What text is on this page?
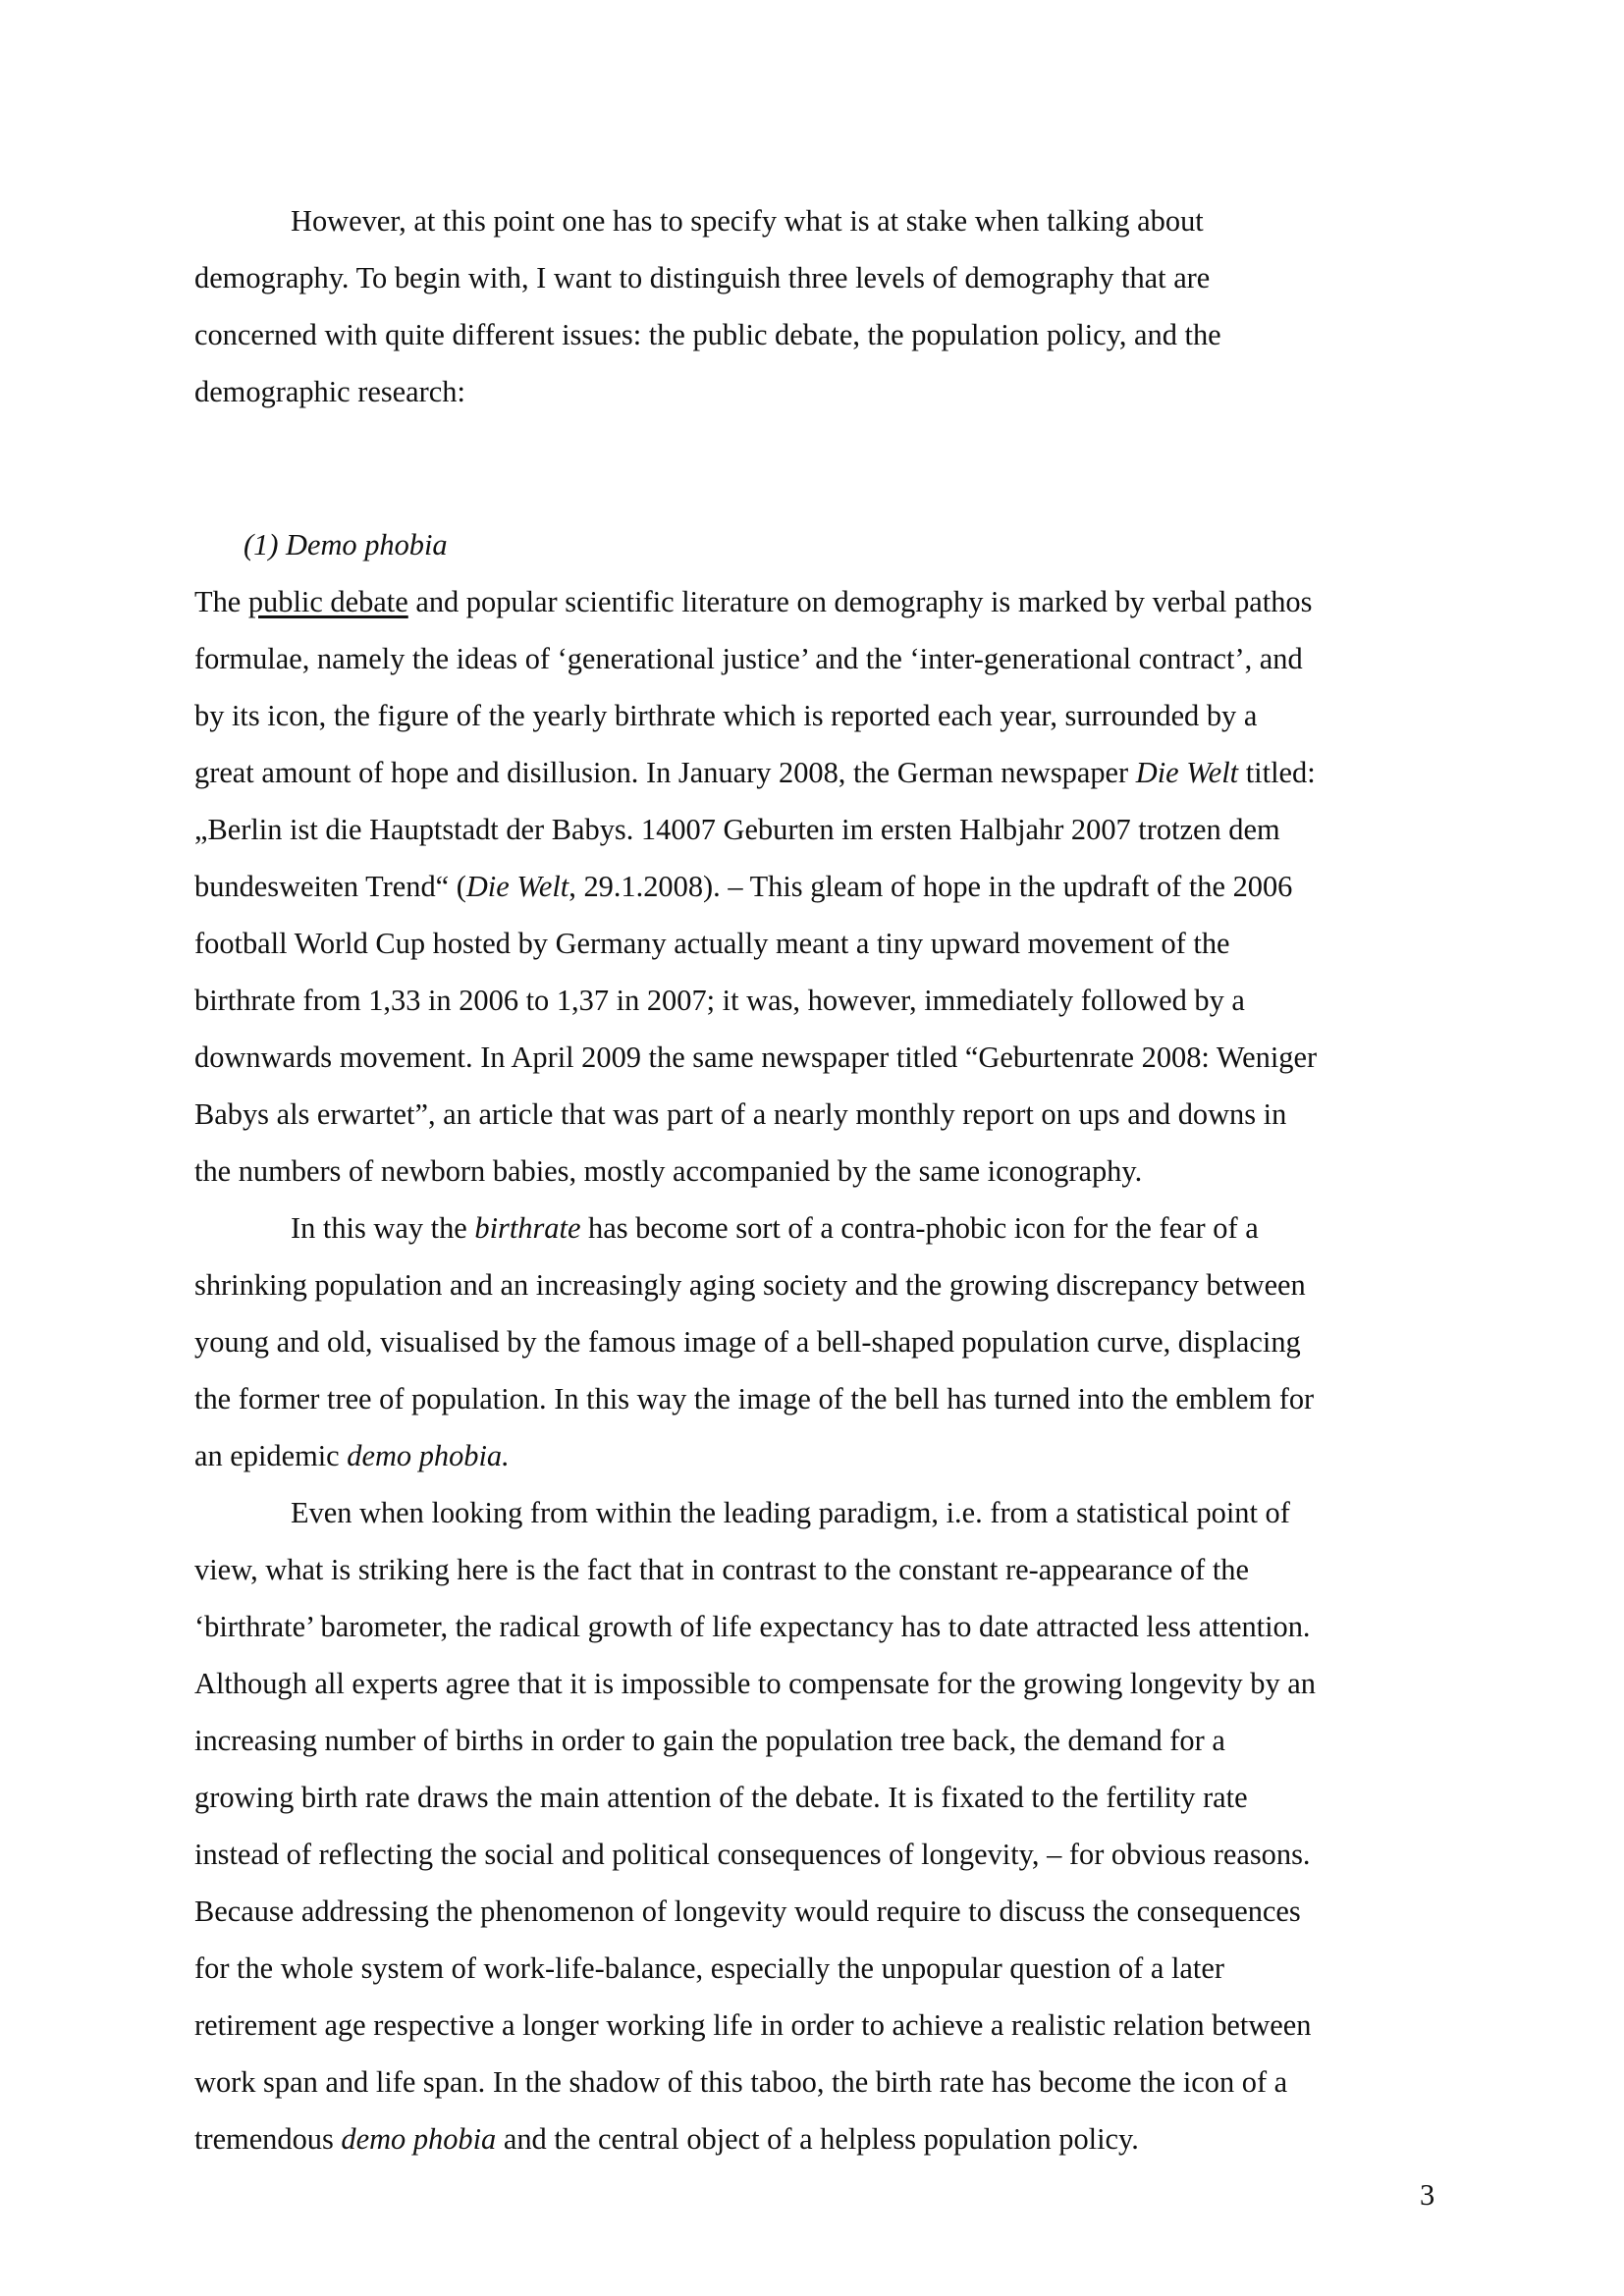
However, at this point one has to specify what is at stake when talking about
demography. To begin with, I want to distinguish three levels of demography that are
concerned with quite different issues: the public debate, the population policy, and the
demographic research:
(1) Demo phobia
The public debate and popular scientific literature on demography is marked by verbal pathos
formulae, namely the ideas of ‘generational justice’ and the ‘inter-generational contract’, and
by its icon, the figure of the yearly birthrate which is reported each year, surrounded by a
great amount of hope and disillusion. In January 2008, the German newspaper Die Welt titled:
„Berlin ist die Hauptstadt der Babys. 14007 Geburten im ersten Halbjahr 2007 trotzen dem
bundesweiten Trend“ (Die Welt, 29.1.2008). – This gleam of hope in the updraft of the 2006
football World Cup hosted by Germany actually meant a tiny upward movement of the
birthrate from 1,33 in 2006 to 1,37 in 2007; it was, however, immediately followed by a
downwards movement. In April 2009 the same newspaper titled “Geburtenrate 2008: Weniger
Babys als erwartet”, an article that was part of a nearly monthly report on ups and downs in
the numbers of newborn babies, mostly accompanied by the same iconography.
In this way the birthrate has become sort of a contra-phobic icon for the fear of a
shrinking population and an increasingly aging society and the growing discrepancy between
young and old, visualised by the famous image of a bell-shaped population curve, displacing
the former tree of population. In this way the image of the bell has turned into the emblem for
an epidemic demo phobia.
Even when looking from within the leading paradigm, i.e. from a statistical point of
view, what is striking here is the fact that in contrast to the constant re-appearance of the
‘birthrate’ barometer, the radical growth of life expectancy has to date attracted less attention.
Although all experts agree that it is impossible to compensate for the growing longevity by an
increasing number of births in order to gain the population tree back, the demand for a
growing birth rate draws the main attention of the debate. It is fixated to the fertility rate
instead of reflecting the social and political consequences of longevity, – for obvious reasons.
Because addressing the phenomenon of longevity would require to discuss the consequences
for the whole system of work-life-balance, especially the unpopular question of a later
retirement age respective a longer working life in order to achieve a realistic relation between
work span and life span. In the shadow of this taboo, the birth rate has become the icon of a
tremendous demo phobia and the central object of a helpless population policy.
3
